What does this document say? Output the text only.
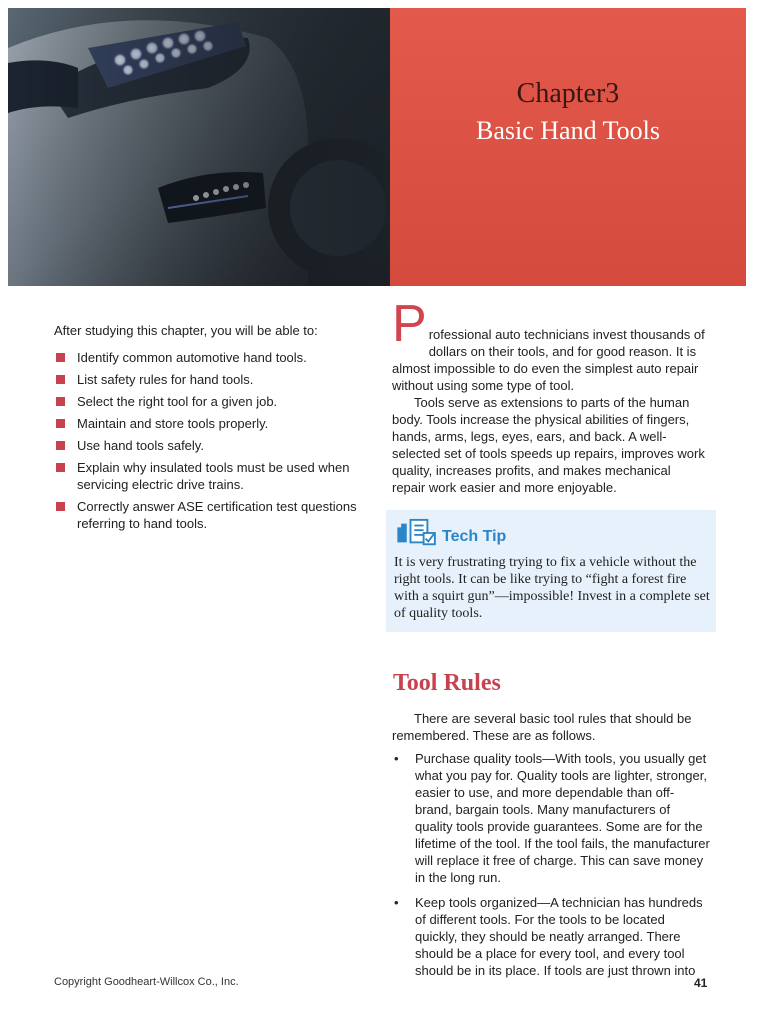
Chapter3
Basic Hand Tools

After studying this chapter, you will be able to:

Identify common automotive hand tools.
List safety rules for hand tools.
Select the right tool for a given job.
Maintain and store tools properly.
Use hand tools safely.
Explain why insulated tools must be used when servicing electric drive trains.
Correctly answer ASE certification test questions referring to hand tools.

P rofessional auto technicians invest thousands of dollars on their tools, and for good reason. It is almost impossible to do even the simplest auto repair without using some type of tool.

Tools serve as extensions to parts of the human body. Tools increase the physical abilities of fingers, hands, arms, legs, eyes, ears, and back. A well-selected set of tools speeds up repairs, improves work quality, increases profits, and makes mechanical repair work easier and more enjoyable.

Tech Tip
It is very frustrating trying to fix a vehicle without the right tools. It can be like trying to “fight a forest fire with a squirt gun”—impossible! Invest in a complete set of quality tools.
Tool Rules

There are several basic tool rules that should be remembered. These are as follows.

• Purchase quality tools—With tools, you usually get what you pay for. Quality tools are lighter, stronger, easier to use, and more dependable than off-brand, bargain tools. Many manufacturers of quality tools provide guarantees. Some are for the lifetime of the tool. If the tool fails, the manufacturer will replace it free of charge. This can save money in the long run.
• Keep tools organized—A technician has hundreds of different tools. For the tools to be located quickly, they should be neatly arranged. There should be a place for every tool, and every tool should be in its place. If tools are just thrown into
Copyright Goodheart-Willcox Co., Inc.	41
